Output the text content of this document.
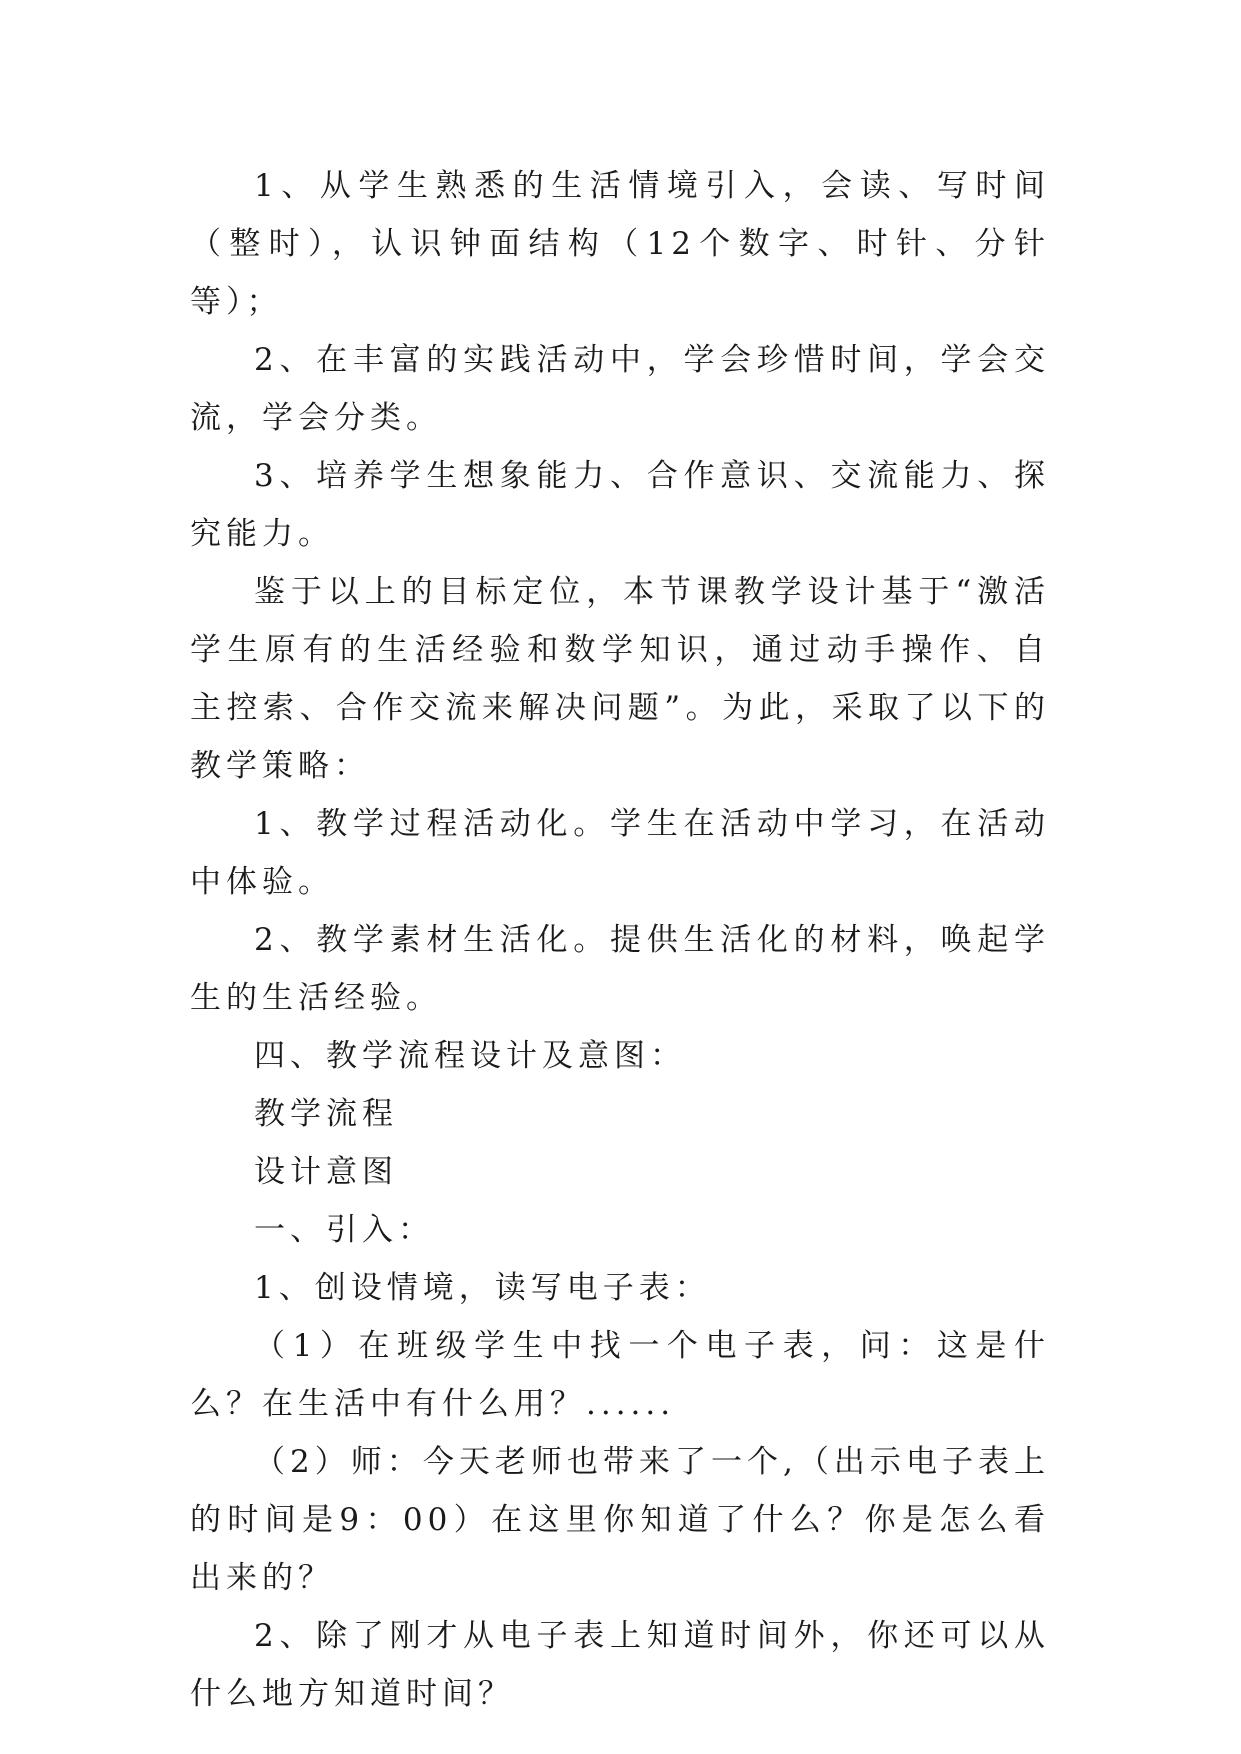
1、从学生熟悉的生活情境引入，会读、写时间（整时），认识钟面结构（12个数字、时针、分针等）；

2、在丰富的实践活动中，学会珍惜时间，学会交流，学会分类。

3、培养学生想象能力、合作意识、交流能力、探究能力。

鉴于以上的目标定位，本节课教学设计基于“激活学生原有的生活经验和数学知识，通过动手操作、自主控索、合作交流来解决问题”。为此，采取了以下的教学策略：

1、教学过程活动化。学生在活动中学习，在活动中体验。

2、教学素材生活化。提供生活化的材料，唤起学生的生活经验。

四、教学流程设计及意图：

教学流程

设计意图

一、引入：

1、创设情境，读写电子表：

（1）在班级学生中找一个电子表，问：这是什么？在生活中有什么用？......

（2）师：今天老师也带来了一个,（出示电子表上的时间是9：00）在这里你知道了什么？你是怎么看出来的？

2、除了刚才从电子表上知道时间外，你还可以从什么地方知道时间？
